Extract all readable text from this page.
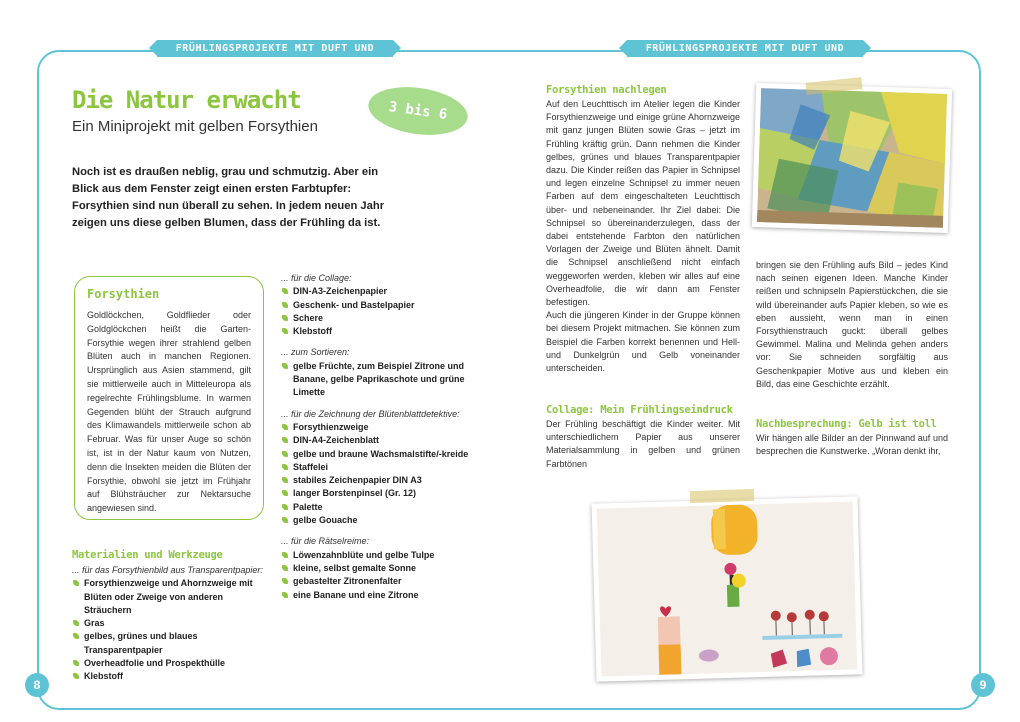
FRÜHLINGSPROJEKTE MIT DUFT UND FARBE
FRÜHLINGSPROJEKTE MIT DUFT UND FARBE
8	9
Die Natur erwacht
Ein Miniprojekt mit gelben Forsythien
3 bis 6 Jahre
Noch ist es draußen neblig, grau und schmutzig. Aber ein Blick aus dem Fenster zeigt einen ersten Farbtupfer: Forsythien sind nun überall zu sehen. In jedem neuen Jahr zeigen uns diese gelben Blumen, dass der Frühling da ist.
Forsythien
Goldlöckchen, Goldflieder oder Goldglöckchen heißt die Garten-Forsythie wegen ihrer strahlend gelben Blüten auch in manchen Regionen. Ursprünglich aus Asien stammend, gilt sie mittlerweile auch in Mitteleuropa als regelrechte Frühlingsblume. In warmen Gegenden blüht der Strauch aufgrund des Klimawandels mittlerweile schon ab Februar. Was für unser Auge so schön ist, ist in der Natur kaum von Nutzen, denn die Insekten meiden die Blüten der Forsythie, obwohl sie jetzt im Frühjahr auf Blühsträucher zur Nektarsuche angewiesen sind.
Materialien und Werkzeuge
... für das Forsythienbild aus Transparentpapier:
Forsythienzweige und Ahornzweige mit Blüten oder Zweige von anderen Sträuchern
Gras
gelbes, grünes und blaues Transparentpapier
Overheadfolie und Prospekthülle
Klebstoff
... für die Collage:
DIN-A3-Zeichenpapier
Geschenk- und Bastelpapier
Schere
Klebstoff
... zum Sortieren:
gelbe Früchte, zum Beispiel Zitrone und Banane, gelbe Paprikaschote und grüne Limette
... für die Zeichnung der Blütenblattdetektive:
Forsythienzweige
DIN-A4-Zeichenblatt
gelbe und braune Wachsmalstifte/-kreide
Staffelei
stabiles Zeichenpapier DIN A3
langer Borstenpinsel (Gr. 12)
Palette
gelbe Gouache
... für die Rätselreime:
Löwenzahnblüte und gelbe Tulpe
kleine, selbst gemalte Sonne
gebastelter Zitronenfalter
eine Banane und eine Zitrone
Forsythien nachlegen
Auf den Leuchttisch im Atelier legen die Kinder Forsythienzweige und einige grüne Ahornzweige mit ganz jungen Blüten sowie Gras – jetzt im Frühling kräftig grün. Dann nehmen die Kinder gelbes, grünes und blaues Transparentpapier dazu. Die Kinder reißen das Papier in Schnipsel und legen einzelne Schnipsel zu immer neuen Farben auf dem eingeschalteten Leuchttisch über- und nebeneinander. Ihr Ziel dabei: Die Schnipsel so übereinanderzulegen, dass der dabei entstehende Farbton den natürlichen Vorlagen der Zweige und Blüten ähnelt. Damit die Schnipsel anschließend nicht einfach weggeworfen werden, kleben wir alles auf eine Overheadfolie, die wir dann am Fenster befestigen.
Auch die jüngeren Kinder in der Gruppe können bei diesem Projekt mitmachen. Sie können zum Beispiel die Farben korrekt benennen und Hell- und Dunkelgrün und Gelb voneinander unterscheiden.
Collage: Mein Frühlingseindruck
Der Frühling beschäftigt die Kinder weiter. Mit unterschiedlichem Papier aus unserer Materialsammlung in gelben und grünen Farbtönen
bringen sie den Frühling aufs Bild – jedes Kind nach seinen eigenen Ideen. Manche Kinder reißen und schnipseln Papierstückchen, die sie wild übereinander aufs Papier kleben, so wie es eben aussieht, wenn man in einen Forsythienstrauch guckt: überall gelbes Gewimmel. Malina und Melinda gehen anders vor: Sie schneiden sorgfältig aus Geschenkpapier Motive aus und kleben ein Bild, das eine Geschichte erzählt.
Nachbesprechung: Gelb ist toll
Wir hängen alle Bilder an der Pinnwand auf und besprechen die Kunstwerke. „Woran denkt ihr,
